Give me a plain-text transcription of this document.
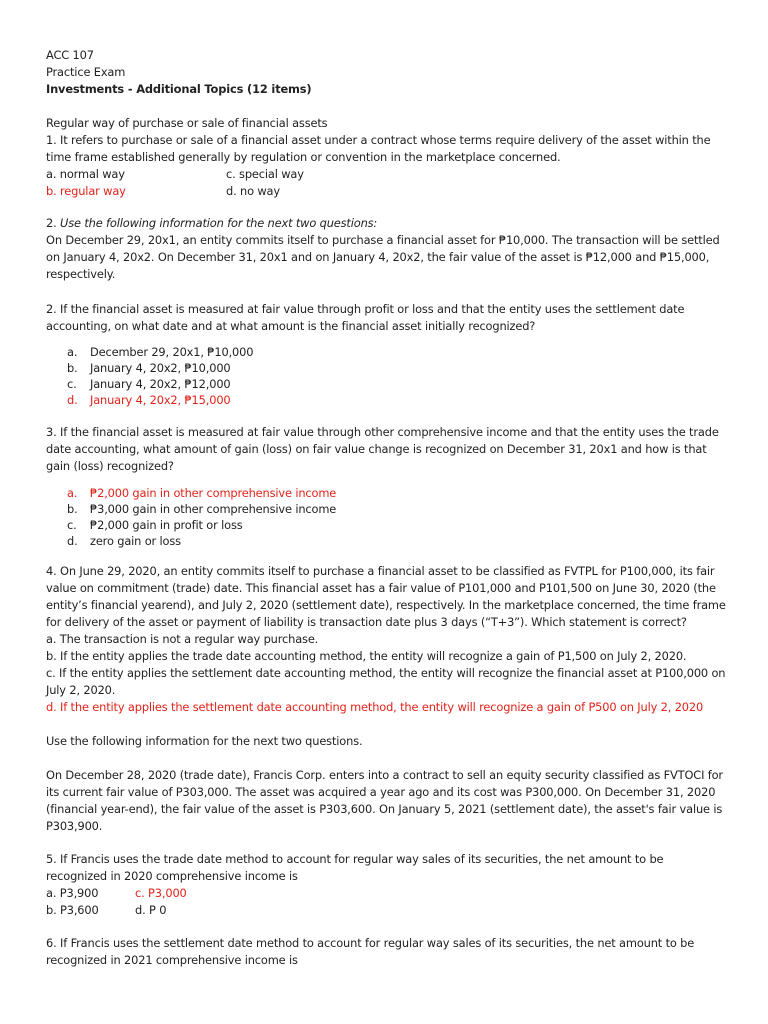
ACC 107
Practice Exam
Investments - Additional Topics (12 items)
Regular way of purchase or sale of financial assets
1. It refers to purchase or sale of a financial asset under a contract whose terms require delivery of the asset within the
time frame established generally by regulation or convention in the marketplace concerned.
a. normal way	c. special way
b. regular way	d. no way
2. Use the following information for the next two questions:
On December 29, 20x1, an entity commits itself to purchase a financial asset for ₱10,000. The transaction will be settled
on January 4, 20x2. On December 31, 20x1 and on January 4, 20x2, the fair value of the asset is ₱12,000 and ₱15,000,
respectively.
2. If the financial asset is measured at fair value through profit or loss and that the entity uses the settlement date
accounting, on what date and at what amount is the financial asset initially recognized?
a. December 29, 20x1, ₱10,000
b. January 4, 20x2, ₱10,000
c. January 4, 20x2, ₱12,000
d. January 4, 20x2, ₱15,000
3. If the financial asset is measured at fair value through other comprehensive income and that the entity uses the trade
date accounting, what amount of gain (loss) on fair value change is recognized on December 31, 20x1 and how is that
gain (loss) recognized?
a. ₱2,000 gain in other comprehensive income
b. ₱3,000 gain in other comprehensive income
c. ₱2,000 gain in profit or loss
d. zero gain or loss
4. On June 29, 2020, an entity commits itself to purchase a financial asset to be classified as FVTPL for P100,000, its fair
value on commitment (trade) date. This financial asset has a fair value of P101,000 and P101,500 on June 30, 2020 (the
entity’s financial yearend), and July 2, 2020 (settlement date), respectively. In the marketplace concerned, the time frame
for delivery of the asset or payment of liability is transaction date plus 3 days (“T+3”). Which statement is correct?
a. The transaction is not a regular way purchase.
b. If the entity applies the trade date accounting method, the entity will recognize a gain of P1,500 on July 2, 2020.
c. If the entity applies the settlement date accounting method, the entity will recognize the financial asset at P100,000 on
July 2, 2020.
d. If the entity applies the settlement date accounting method, the entity will recognize a gain of P500 on July 2, 2020
Use the following information for the next two questions.
On December 28, 2020 (trade date), Francis Corp. enters into a contract to sell an equity security classified as FVTOCI for
its current fair value of P303,000. The asset was acquired a year ago and its cost was P300,000. On December 31, 2020
(financial year-end), the fair value of the asset is P303,600. On January 5, 2021 (settlement date), the asset's fair value is
P303,900.
5. If Francis uses the trade date method to account for regular way sales of its securities, the net amount to be
recognized in 2020 comprehensive income is
a. P3,900	c. P3,000
b. P3,600	d. P 0
6. If Francis uses the settlement date method to account for regular way sales of its securities, the net amount to be
recognized in 2021 comprehensive income is
